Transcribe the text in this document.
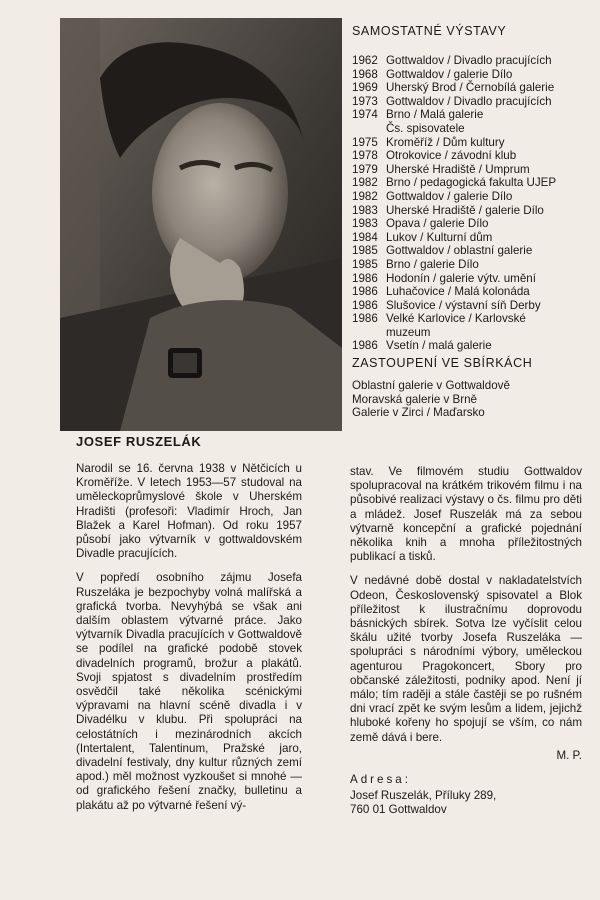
SAMOSTATNÉ VÝSTAVY
1962 Gottwaldov / Divadlo pracujících
1968 Gottwaldov / galerie Dílo
1969 Uherský Brod / Černobílá galerie
1973 Gottwaldov / Divadlo pracujících
1974 Brno / Malá galerie
Čs. spisovatele
1975 Kroměříž / Dům kultury
1978 Otrokovice / závodní klub
1979 Uherské Hradiště / Umprum
1982 Brno / pedagogická fakulta UJEP
1982 Gottwaldov / galerie Dílo
1983 Uherské Hradiště / galerie Dílo
1983 Opava / galerie Dílo
1984 Lukov / Kulturní dům
1985 Gottwaldov / oblastní galerie
1985 Brno / galerie Dílo
1986 Hodonín / galerie výtv. umění
1986 Luhačovice / Malá kolonáda
1986 Slušovice / výstavní síň Derby
1986 Velké Karlovice / Karlovské
muzeum
1986 Vsetín / malá galerie
ZASTOUPENÍ VE SBÍRKÁCH
Oblastní galerie v Gottwaldově
Moravská galerie v Brně
Galerie v Zirci / Maďarsko
JOSEF RUSZELÁK

Narodil se 16. června 1938 v Nětčicích u Kroměříže. V letech 1953—57 studoval na uměleckoprůmyslové škole v Uherském Hradišti (profesoři: Vladimír Hroch, Jan Blažek a Karel Hofman). Od roku 1957 působí jako výtvarník v gottwaldovském Divadle pracujících.

V popředí osobního zájmu Josefa Ruszeláka je bezpochyby volná malířská a grafická tvorba. Nevyhýbá se však ani dalším oblastem výtvarné práce. Jako výtvarník Divadla pracujících v Gottwaldově se podílel na grafické podobě stovek divadelních programů, brožur a plakátů. Svoji spjatost s divadelním prostředím osvědčil také několika scénickými výpravami na hlavní scéně divadla i v Divadélku v klubu. Při spolupráci na celostátních i mezinárodních akcích (Intertalent, Talentinum, Pražské jaro, divadelní festivaly, dny kultur různých zemí apod.) měl možnost vyzkoušet si mnohé — od grafického řešení značky, bulletinu a plakátu až po výtvarné řešení vý-

stav. Ve filmovém studiu Gottwaldov spolupracoval na krátkém trikovém filmu i na působivé realizaci výstavy o čs. filmu pro děti a mládež. Josef Ruszelák má za sebou výtvarně koncepční a grafické pojednání několika knih a mnoha příležitostných publikací a tisků.

V nedávné době dostal v nakladatelstvích Odeon, Československý spisovatel a Blok příležitost k ilustračnímu doprovodu básnických sbírek. Sotva lze vyčíslit celou škálu užité tvorby Josefa Ruszeláka — spolupráci s národními výbory, uměleckou agenturou Pragokoncert, Sbory pro občanské záležitosti, podniky apod. Není jí málo; tím raději a stále častěji se po rušném dni vrací zpět ke svým lesům a lidem, jejichž hluboké kořeny ho spojují se vším, co nám země dává i bere.

M. P.
Adresa:
Josef Ruszelák, Příluky 289,
760 01 Gottwaldov
